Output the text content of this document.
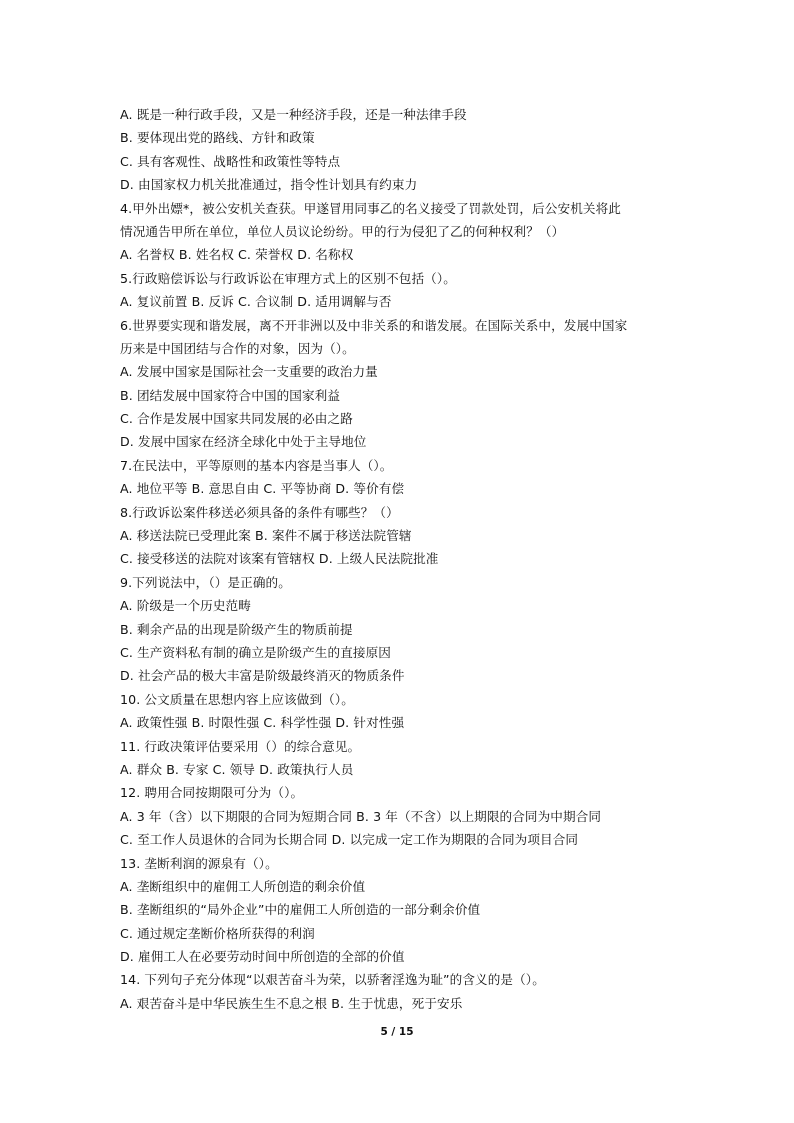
A. 既是一种行政手段，又是一种经济手段，还是一种法律手段
B. 要体现出党的路线、方针和政策
C. 具有客观性、战略性和政策性等特点
D. 由国家权力机关批准通过，指令性计划具有约束力
4.甲外出嫖*，被公安机关查获。甲遂冒用同事乙的名义接受了罚款处罚，后公安机关将此
情况通告甲所在单位，单位人员议论纷纷。甲的行为侵犯了乙的何种权利？（）
A. 名誉权 B. 姓名权 C. 荣誉权 D. 名称权
5.行政赔偿诉讼与行政诉讼在审理方式上的区别不包括（）。
A. 复议前置 B. 反诉 C. 合议制 D. 适用调解与否
6.世界要实现和谐发展，离不开非洲以及中非关系的和谐发展。在国际关系中，发展中国家
历来是中国团结与合作的对象，因为（）。
A. 发展中国家是国际社会一支重要的政治力量
B. 团结发展中国家符合中国的国家利益
C. 合作是发展中国家共同发展的必由之路
D. 发展中国家在经济全球化中处于主导地位
7.在民法中，平等原则的基本内容是当事人（）。
A. 地位平等 B. 意思自由 C. 平等协商 D. 等价有偿
8.行政诉讼案件移送必须具备的条件有哪些？（）
A. 移送法院已受理此案 B. 案件不属于移送法院管辖
C. 接受移送的法院对该案有管辖权 D. 上级人民法院批准
9.下列说法中，（）是正确的。
A. 阶级是一个历史范畴
B. 剩余产品的出现是阶级产生的物质前提
C. 生产资料私有制的确立是阶级产生的直接原因
D. 社会产品的极大丰富是阶级最终消灭的物质条件
10. 公文质量在思想内容上应该做到（）。
A. 政策性强 B. 时限性强 C. 科学性强 D. 针对性强
11. 行政决策评估要采用（）的综合意见。
A. 群众 B. 专家 C. 领导 D. 政策执行人员
12. 聘用合同按期限可分为（）。
A. 3 年（含）以下期限的合同为短期合同 B. 3 年（不含）以上期限的合同为中期合同
C. 至工作人员退休的合同为长期合同 D. 以完成一定工作为期限的合同为项目合同
13. 垄断利润的源泉有（）。
A. 垄断组织中的雇佣工人所创造的剩余价值
B. 垄断组织的“局外企业”中的雇佣工人所创造的一部分剩余价值
C. 通过规定垄断价格所获得的利润
D. 雇佣工人在必要劳动时间中所创造的全部的价值
14. 下列句子充分体现“以艰苦奋斗为荣，以骄奢淫逸为耻”的含义的是（）。
A. 艰苦奋斗是中华民族生生不息之根 B. 生于忧患，死于安乐
5 / 15
